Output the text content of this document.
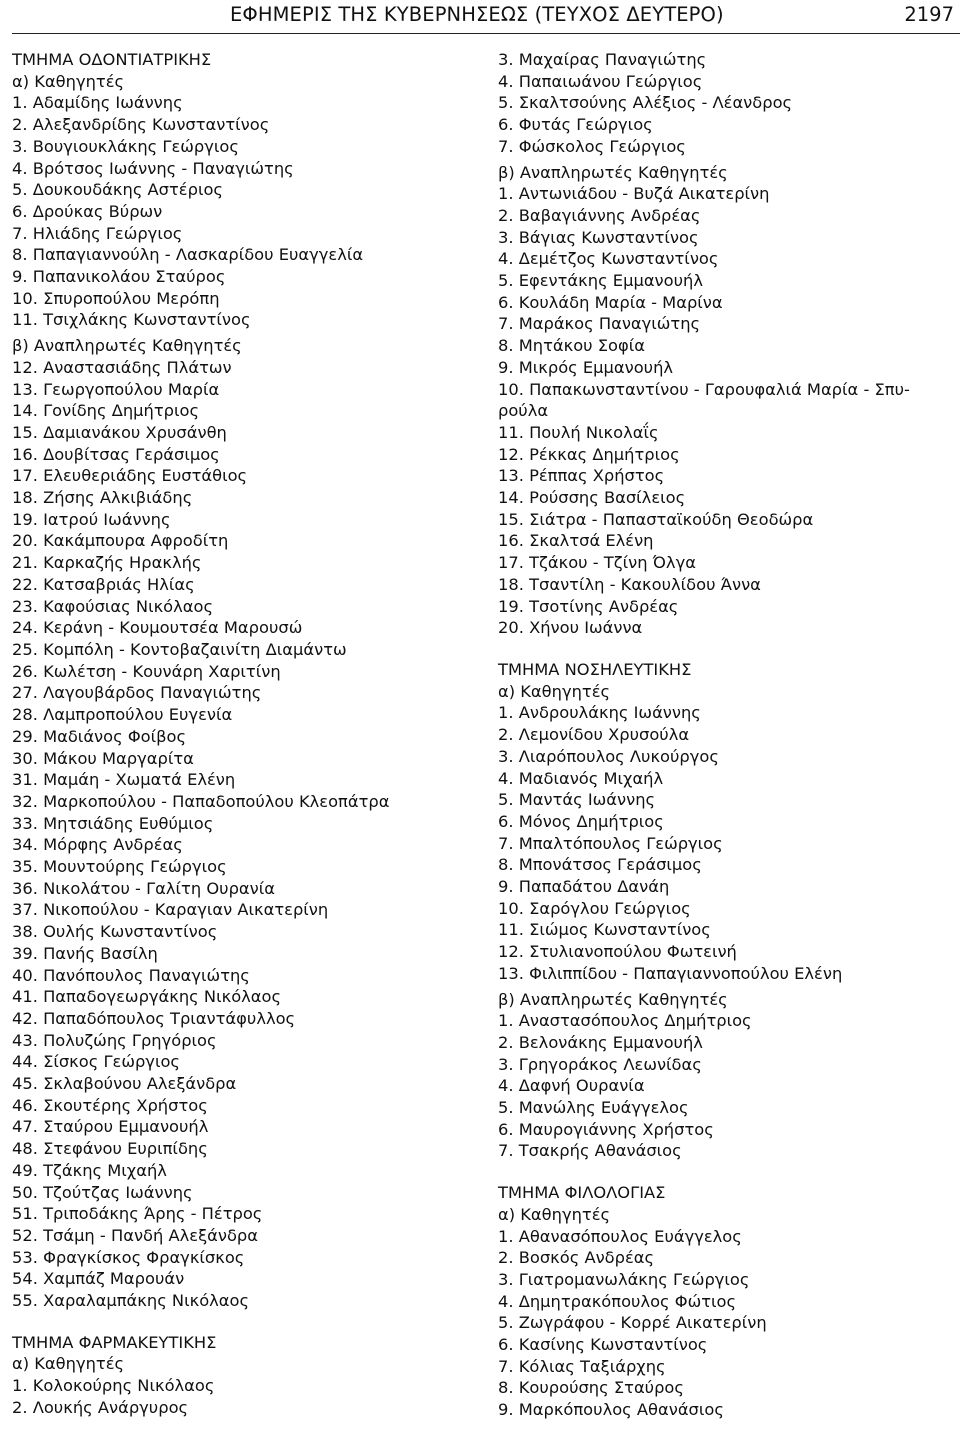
ΕΦΗΜΕΡΙΣ ΤΗΣ ΚΥΒΕΡΝΗΣΕΩΣ (ΤΕΥΧΟΣ ΔΕΥΤΕΡΟ)	2197
ΤΜΗΜΑ ΟΔΟΝΤΙΑΤΡΙΚΗΣ
α) Καθηγητές
1. Αδαμίδης Ιωάννης
2. Αλεξανδρίδης Κωνσταντίνος
3. Βουγιουκλάκης Γεώργιος
4. Βρότσος Ιωάννης - Παναγιώτης
5. Δουκουδάκης Αστέριος
6. Δρούκας Βύρων
7. Ηλιάδης Γεώργιος
8. Παπαγιαννούλη - Λασκαρίδου Ευαγγελία
9. Παπανικολάου Σταύρος
10. Σπυροπούλου Μερόπη
11. Τσιχλάκης Κωνσταντίνος
β) Αναπληρωτές Καθηγητές
12. Αναστασιάδης Πλάτων
13. Γεωργοπούλου Μαρία
14. Γονίδης Δημήτριος
15. Δαμιανάκου Χρυσάνθη
16. Δουβίτσας Γεράσιμος
17. Ελευθεριάδης Ευστάθιος
18. Ζήσης Αλκιβιάδης
19. Ιατρού Ιωάννης
20. Κακάμπουρα Αφροδίτη
21. Καρκαζής Ηρακλής
22. Κατσαβριάς Ηλίας
23. Καφούσιας Νικόλαος
24. Κεράνη - Κουμουτσέα Μαρουσώ
25. Κομπόλη - Κοντοβαζαινίτη Διαμάντω
26. Κωλέτση - Κουνάρη Χαριτίνη
27. Λαγουβάρδος Παναγιώτης
28. Λαμπροπούλου Ευγενία
29. Μαδιάνος Φοίβος
30. Μάκου Μαργαρίτα
31. Μαμάη - Χωματά Ελένη
32. Μαρκοπούλου - Παπαδοπούλου Κλεοπάτρα
33. Μητσιάδης Ευθύμιος
34. Μόρφης Ανδρέας
35. Μουντούρης Γεώργιος
36. Νικολάτου - Γαλίτη Ουρανία
37. Νικοπούλου - Καραγιαν Αικατερίνη
38. Ουλής Κωνσταντίνος
39. Πανής Βασίλη
40. Πανόπουλος Παναγιώτης
41. Παπαδογεωργάκης Νικόλαος
42. Παπαδόπουλος Τριαντάφυλλος
43. Πολυζώης Γρηγόριος
44. Σίσκος Γεώργιος
45. Σκλαβούνου Αλεξάνδρα
46. Σκουτέρης Χρήστος
47. Σταύρου Εμμανουήλ
48. Στεφάνου Ευριπίδης
49. Τζάκης Μιχαήλ
50. Τζούτζας Ιωάννης
51. Τριποδάκης Άρης - Πέτρος
52. Τσάμη - Πανδή Αλεξάνδρα
53. Φραγκίσκος Φραγκίσκος
54. Χαμπάζ Μαρουάν
55. Χαραλαμπάκης Νικόλαος
ΤΜΗΜΑ ΦΑΡΜΑΚΕΥΤΙΚΗΣ
α) Καθηγητές
1. Κολοκούρης Νικόλαος
2. Λουκής Ανάργυρος
3. Μαχαίρας Παναγιώτης
4. Παπαιωάνου Γεώργιος
5. Σκαλτσούνης Αλέξιος - Λέανδρος
6. Φυτάς Γεώργιος
7. Φώσκολος Γεώργιος
β) Αναπληρωτές Καθηγητές
1. Αντωνιάδου - Βυζά Αικατερίνη
2. Βαβαγιάννης Ανδρέας
3. Βάγιας Κωνσταντίνος
4. Δεμέτζος Κωνσταντίνος
5. Εφεντάκης Εμμανουήλ
6. Κουλάδη Μαρία - Μαρίνα
7. Μαράκος Παναγιώτης
8. Μητάκου Σοφία
9. Μικρός Εμμανουήλ
10. Παπακωνσταντίνου - Γαρουφαλιά Μαρία - Σπυ-
ρούλα
11. Πουλή Νικολαΐς
12. Ρέκκας Δημήτριος
13. Ρέππας Χρήστος
14. Ρούσσης Βασίλειος
15. Σιάτρα - Παπασταϊκούδη Θεοδώρα
16. Σκαλτσά Ελένη
17. Τζάκου - Τζίνη Όλγα
18. Τσαντίλη - Κακουλίδου Άννα
19. Τσοτίνης Ανδρέας
20. Χήνου Ιωάννα
ΤΜΗΜΑ ΝΟΣΗΛΕΥΤΙΚΗΣ
α) Καθηγητές
1. Ανδρουλάκης Ιωάννης
2. Λεμονίδου Χρυσούλα
3. Λιαρόπουλος Λυκούργος
4. Μαδιανός Μιχαήλ
5. Μαντάς Ιωάννης
6. Μόνος Δημήτριος
7. Μπαλτόπουλος Γεώργιος
8. Μπονάτσος Γεράσιμος
9. Παπαδάτου Δανάη
10. Σαρόγλου Γεώργιος
11. Σιώμος Κωνσταντίνος
12. Στυλιανοπούλου Φωτεινή
13. Φιλιππίδου - Παπαγιαννοπούλου Ελένη
β) Αναπληρωτές Καθηγητές
1. Αναστασόπουλος Δημήτριος
2. Βελονάκης Εμμανουήλ
3. Γρηγοράκος Λεωνίδας
4. Δαφνή Ουρανία
5. Μανώλης Ευάγγελος
6. Μαυρογιάννης Χρήστος
7. Τσακρής Αθανάσιος
ΤΜΗΜΑ ΦΙΛΟΛΟΓΙΑΣ
α) Καθηγητές
1. Αθανασόπουλος Ευάγγελος
2. Βοσκός Ανδρέας
3. Γιατρομανωλάκης Γεώργιος
4. Δημητρακόπουλος Φώτιος
5. Ζωγράφου - Κορρέ Αικατερίνη
6. Κασίνης Κωνσταντίνος
7. Κόλιας Ταξιάρχης
8. Κουρούσης Σταύρος
9. Μαρκόπουλος Αθανάσιος
